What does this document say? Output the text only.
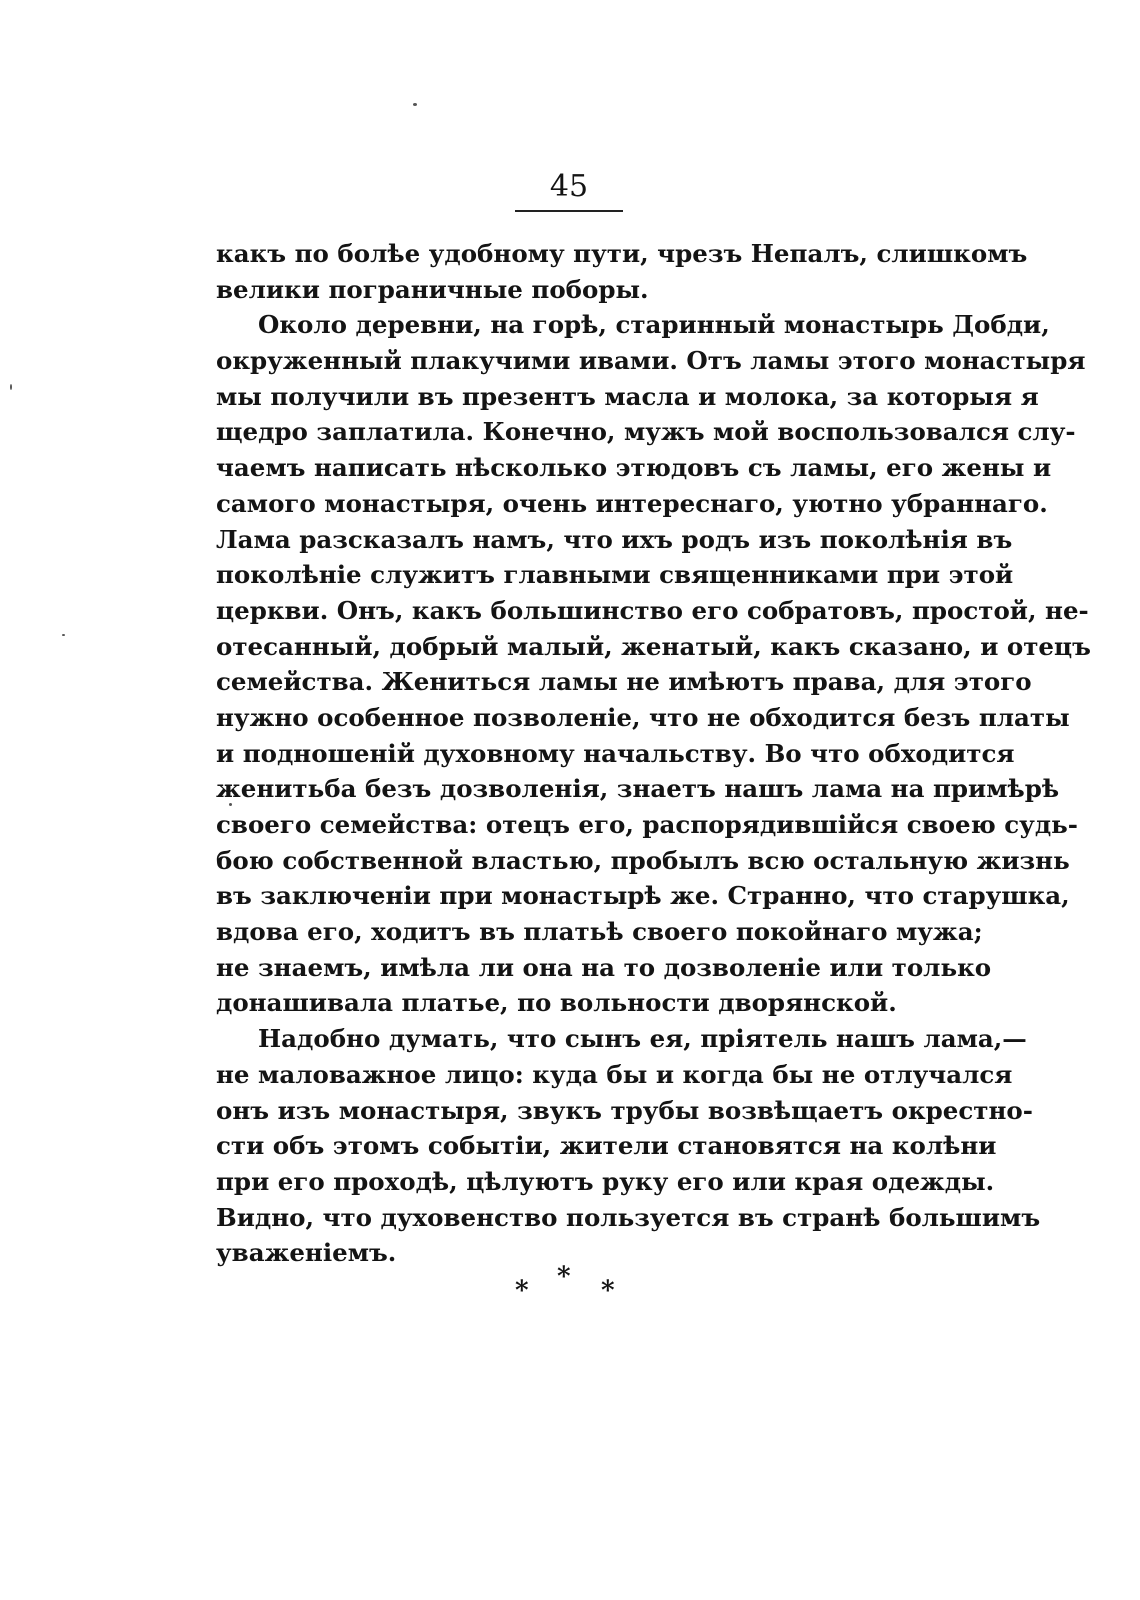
45
какъ по болѣе удобному пути, чрезъ Непалъ, слишкомъ
велики пограничные поборы.
Около деревни, на горѣ, старинный монастырь Добди,
окруженный плакучими ивами. Отъ ламы этого монастыря
мы получили въ презентъ масла и молока, за которыя я
щедро заплатила. Конечно, мужъ мой воспользовался слу-
чаемъ написать нѣсколько этюдовъ съ ламы, его жены и
самого монастыря, очень интереснаго, уютно убраннаго.
Лама разсказалъ намъ, что ихъ родъ изъ поколѣнія въ
поколѣніе служитъ главными священниками при этой
церкви. Онъ, какъ большинство его собратовъ, простой, не-
отесанный, добрый малый, женатый, какъ сказано, и отецъ
семейства. Жениться ламы не имѣютъ права, для этого
нужно особенное позволеніе, что не обходится безъ платы
и подношеній духовному начальству. Во что обходится
женитьба безъ дозволенія, знаетъ нашъ лама на примѣрѣ
своего семейства: отецъ его, распорядившійся своею судь-
бою собственной властью, пробылъ всю остальную жизнь
въ заключеніи при монастырѣ же. Странно, что старушка,
вдова его, ходитъ въ платьѣ своего покойнаго мужа;
не знаемъ, имѣла ли она на то дозволеніе или только
донашивала платье, по вольности дворянской.
Надобно думать, что сынъ ея, пріятель нашъ лама,—
не маловажное лицо: куда бы и когда бы не отлучался
онъ изъ монастыря, звукъ трубы возвѣщаетъ окрестно-
сти объ этомъ событіи, жители становятся на колѣни
при его проходѣ, цѣлуютъ руку его или края одежды.
Видно, что духовенство пользуется въ странѣ большимъ
уваженіемъ.
* * *
